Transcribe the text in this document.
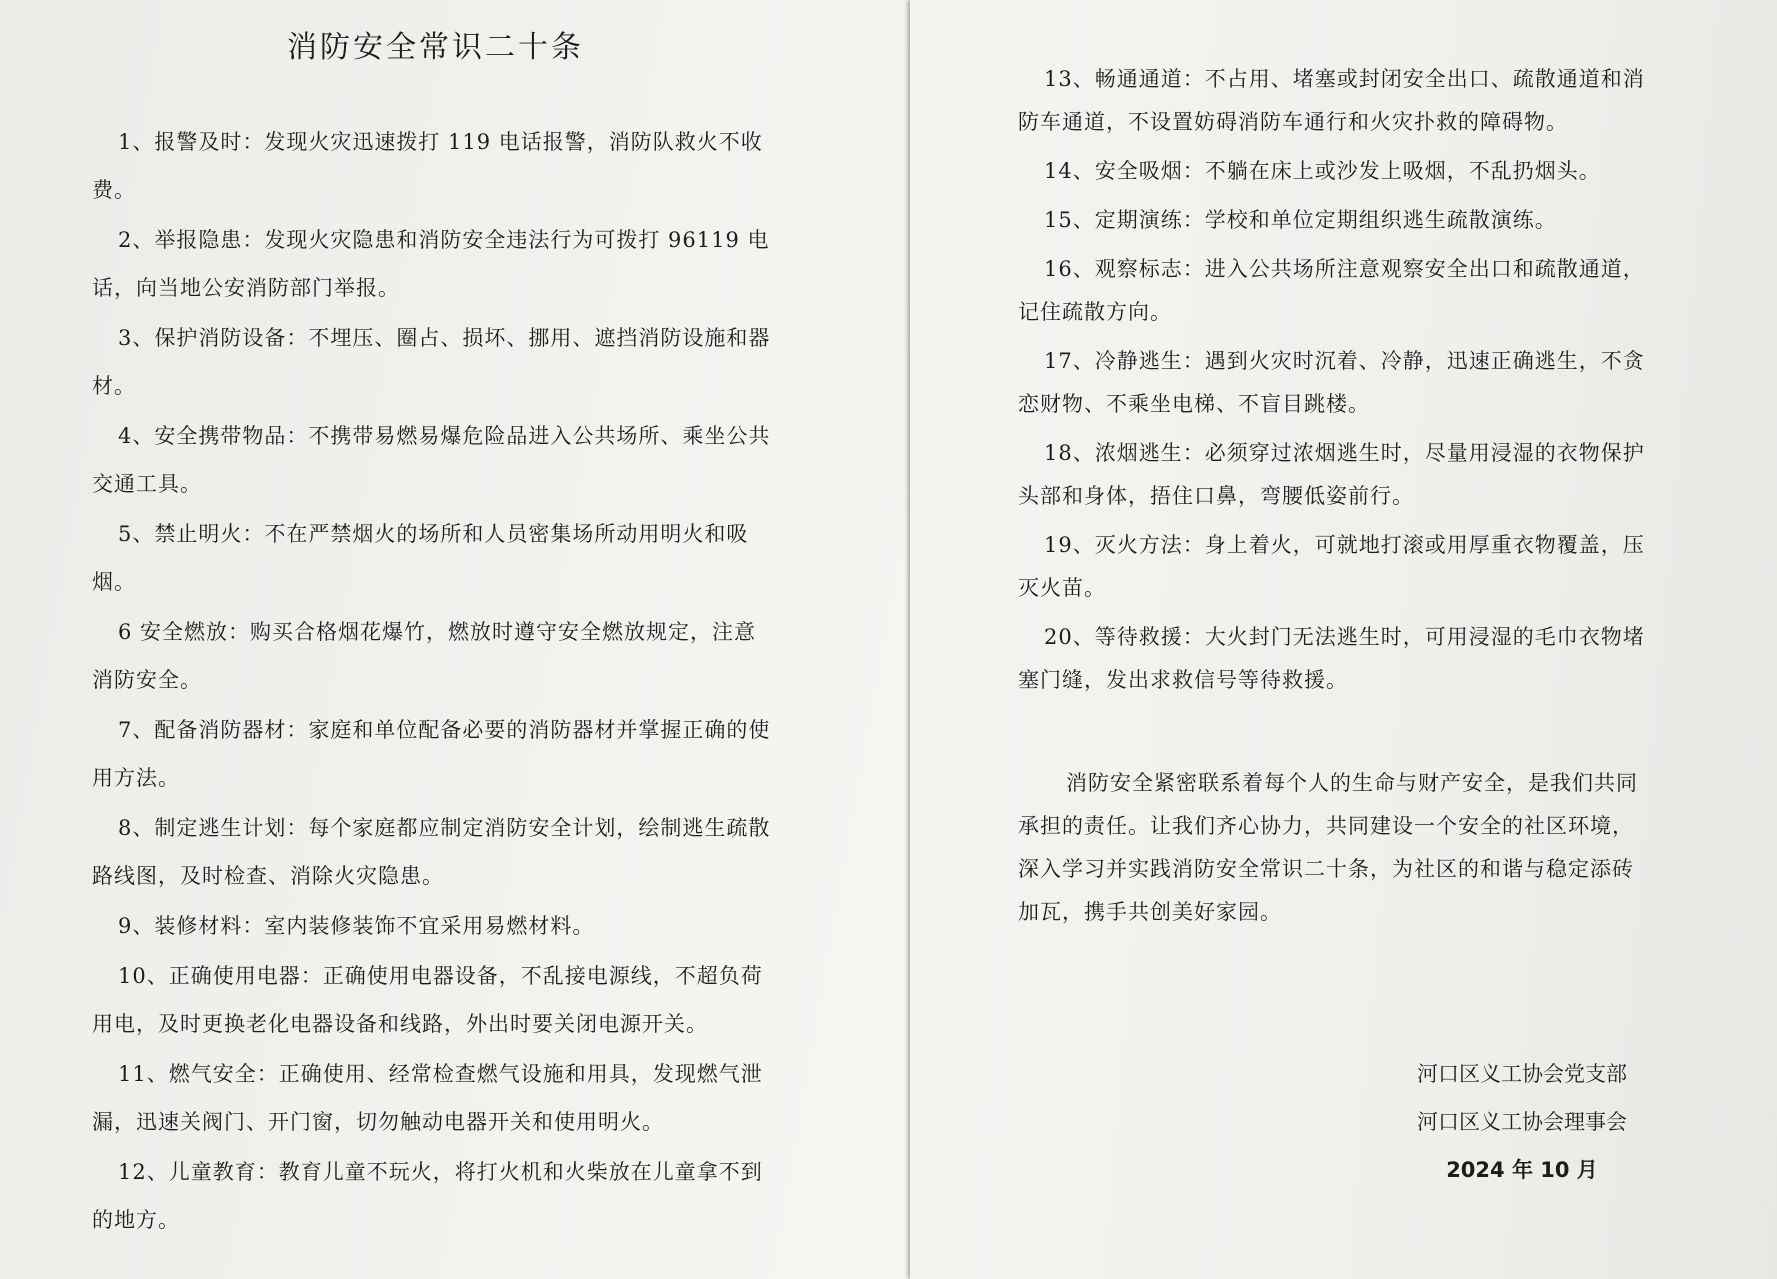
消防安全常识二十条

1、报警及时：发现火灾迅速拨打 119 电话报警，消防队救火不收费。

2、举报隐患：发现火灾隐患和消防安全违法行为可拨打 96119 电话，向当地公安消防部门举报。

3、保护消防设备：不埋压、圈占、损坏、挪用、遮挡消防设施和器材。

4、安全携带物品：不携带易燃易爆危险品进入公共场所、乘坐公共交通工具。

5、禁止明火：不在严禁烟火的场所和人员密集场所动用明火和吸烟。

6 安全燃放：购买合格烟花爆竹，燃放时遵守安全燃放规定，注意消防安全。

7、配备消防器材：家庭和单位配备必要的消防器材并掌握正确的使用方法。

8、制定逃生计划：每个家庭都应制定消防安全计划，绘制逃生疏散路线图，及时检查、消除火灾隐患。

9、装修材料：室内装修装饰不宜采用易燃材料。

10、正确使用电器：正确使用电器设备，不乱接电源线，不超负荷用电，及时更换老化电器设备和线路，外出时要关闭电源开关。

11、燃气安全：正确使用、经常检查燃气设施和用具，发现燃气泄漏，迅速关阀门、开门窗，切勿触动电器开关和使用明火。

12、儿童教育：教育儿童不玩火，将打火机和火柴放在儿童拿不到的地方。

13、畅通通道：不占用、堵塞或封闭安全出口、疏散通道和消防车通道，不设置妨碍消防车通行和火灾扑救的障碍物。

14、安全吸烟：不躺在床上或沙发上吸烟，不乱扔烟头。

15、定期演练：学校和单位定期组织逃生疏散演练。

16、观察标志：进入公共场所注意观察安全出口和疏散通道，记住疏散方向。

17、冷静逃生：遇到火灾时沉着、冷静，迅速正确逃生，不贪恋财物、不乘坐电梯、不盲目跳楼。

18、浓烟逃生：必须穿过浓烟逃生时，尽量用浸湿的衣物保护头部和身体，捂住口鼻，弯腰低姿前行。

19、灭火方法：身上着火，可就地打滚或用厚重衣物覆盖，压灭火苗。

20、等待救援：大火封门无法逃生时，可用浸湿的毛巾衣物堵塞门缝，发出求救信号等待救援。

消防安全紧密联系着每个人的生命与财产安全，是我们共同承担的责任。让我们齐心协力，共同建设一个安全的社区环境，深入学习并实践消防安全常识二十条，为社区的和谐与稳定添砖加瓦，携手共创美好家园。

河口区义工协会党支部
河口区义工协会理事会
2024 年 10 月
